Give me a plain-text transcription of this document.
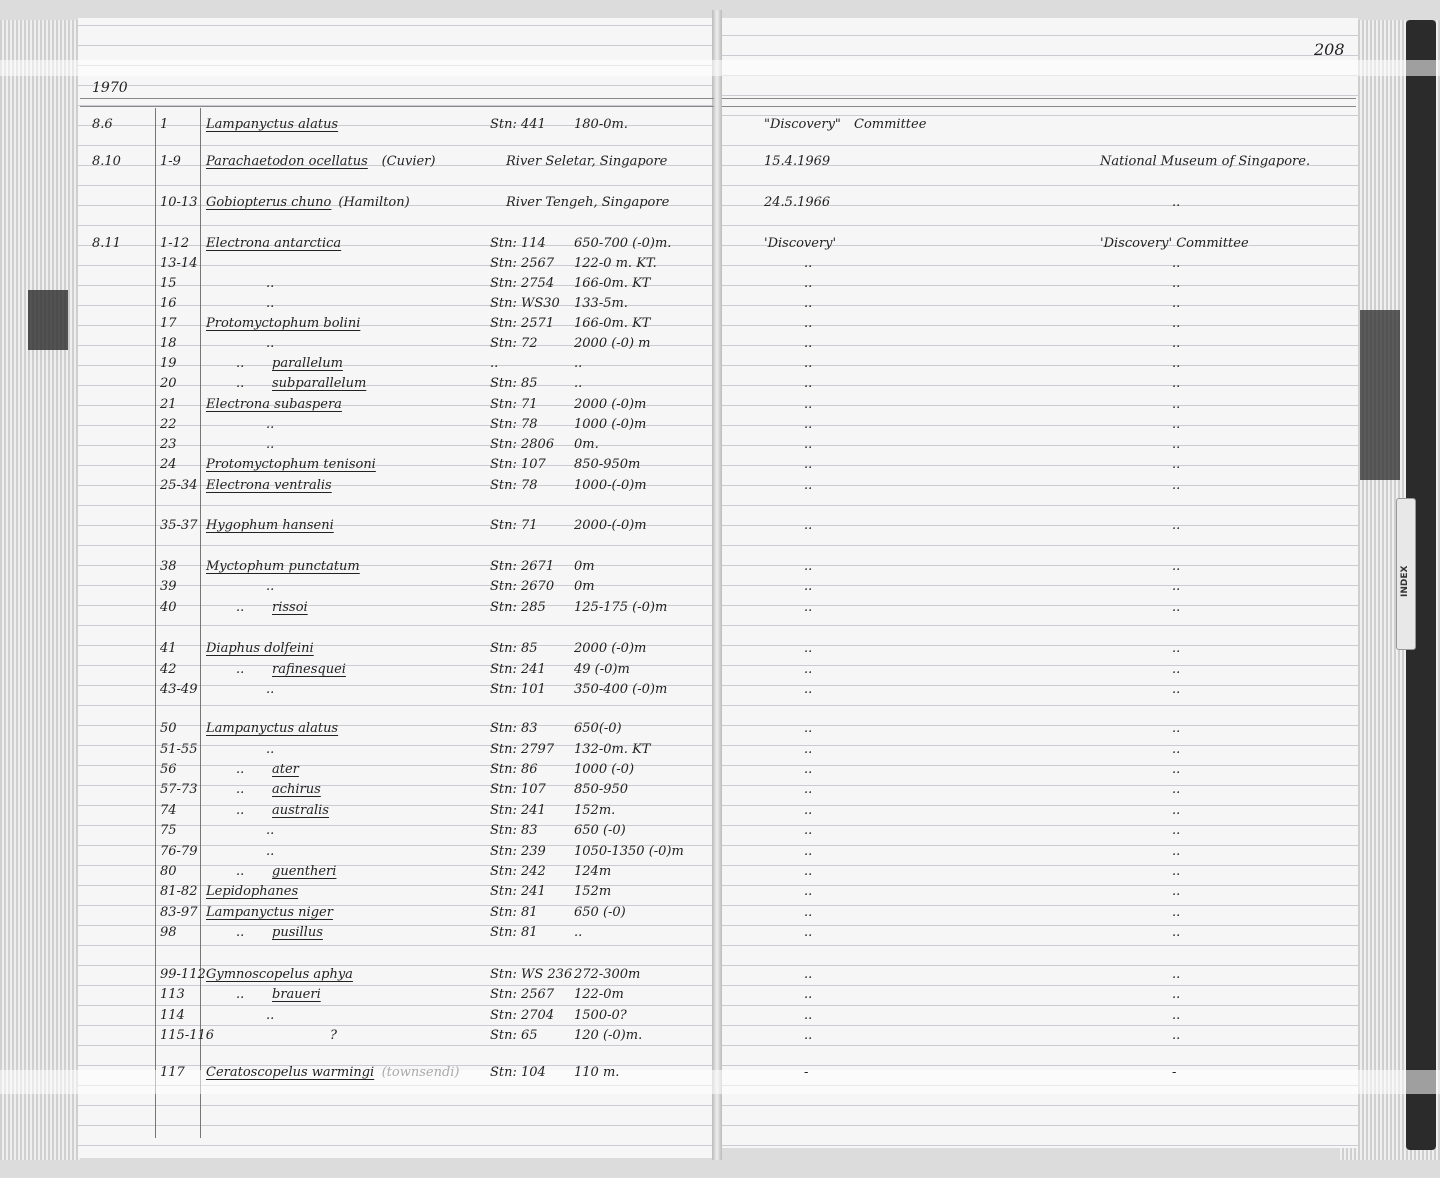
INDEX
1970
208
8.6	1	Lampanyctus alatus	Stn: 441 180-0m.	"Discovery" Committee
8.10	1-9 Parachaetodon ocellatus (Cuvier)	River Seletar, Singapore	15.4.1969	National Museum of Singapore.
10-13 Gobiopterus chuno (Hamilton)	River Tengeh, Singapore	24.5.1966	..
8.11	1-12 Electrona antarctica	Stn: 114 650-700 (-0)m.	'Discovery'	'Discovery' Committee
13-14	Stn: 2567 122-0 m. KT.	..	..
15	..	Stn: 2754 166-0m. KT	..	..
16	..	Stn: WS30 133-5m.	..	..
17 Protomyctophum bolini	Stn: 2571 166-0m. KT	..	..
18	..	Stn: 72	2000 (-0) m	..	..
19	.. parallelum	..	..	..	..
20	.. subparallelum	Stn: 85	..	..	..
21 Electrona subaspera	Stn: 71	2000 (-0)m	..	..
22	..	Stn: 78	1000 (-0)m	..	..
23	..	Stn: 2806 0m.	..	..
24 Protomyctophum tenisoni	Stn: 107 850-950m	..	..
25-34 Electrona ventralis	Stn: 78	1000-(-0)m	..	..
35-37 Hygophum hanseni	Stn: 71	2000-(-0)m	..	..
38 Myctophum punctatum	Stn: 2671 0m	..	..
39	..	Stn: 2670 0m	..	..
40	.. rissoi	Stn: 285 125-175 (-0)m	..	..
41 Diaphus dolfeini	Stn: 85	2000 (-0)m	..	..
42	.. rafinesquei	Stn: 241 49 (-0)m	..	..
43-49	..	Stn: 101 350-400 (-0)m	..	..
50 Lampanyctus alatus	Stn: 83	650(-0)	..	..
51-55	..	Stn: 2797 132-0m. KT	..	..
56	.. ater	Stn: 86	1000 (-0)	..	..
57-73	.. achirus	Stn: 107 850-950	..	..
74	.. australis	Stn: 241 152m.	..	..
75	..	Stn: 83	650 (-0)	..	..
76-79	..	Stn: 239 1050-1350 (-0)m	..	..
80	.. guentheri	Stn: 242 124m	..	..
81-82 Lepidophanes	Stn: 241 152m	..	..
83-97 Lampanyctus niger	Stn: 81	650 (-0)	..	..
98	.. pusillus	Stn: 81	..	..	..
99-112 Gymnoscopelus aphya	Stn: WS 236 272-300m	..	..
113	.. braueri	Stn: 2567 122-0m	..	..
114	..	Stn: 2704 1500-0?	..	..
115-116	?	Stn: 65	120 (-0)m.	..	..
117 Ceratoscopelus warmingi (townsendi) Stn: 104 110 m.	-	-
